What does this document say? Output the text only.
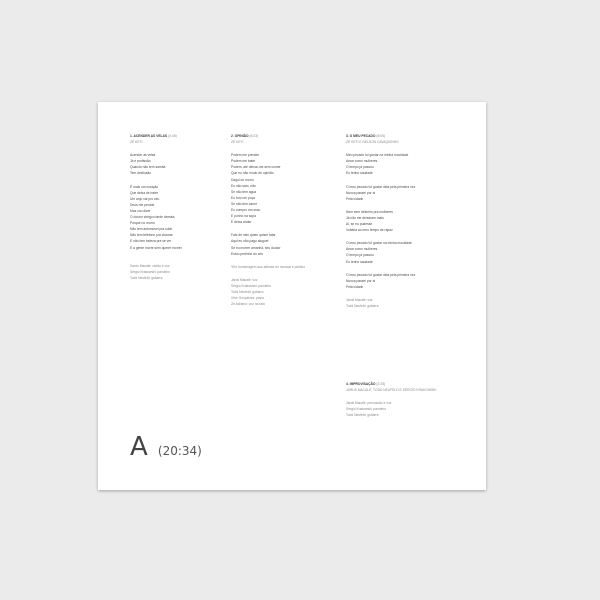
1. ACENDER AS VELAS (3:48)
ZÉ KETI
Acender as velas
Já é profissão
Quando não tem samba
Tem desilusão
É mais um coração
Que deixa de bater
Um anjo vai pro céu
Deus me perdoe
Mas vou dizer
O doutor chegou tarde demais
Porque no morro
Não tem automóvel pra subir
Não tem telefone pra chamar
E não tem beleza pra se ver
E a gente morre sem querer morrer
Sardo Macalé: violão e voz
Sérgio Krakowski: pandeiro
Todd Neufeld: guitarra
2. OPINIÃO (6:23)
ZÉ KETI
Podem me prender
Podem me bater
Podem, até deixar-me sem comer
Que eu não mudo de opinião
Daqui do morro
Eu não saio, não
Se não tem água
Eu furo um poço
Se não tem carne
Eu compro um osso
E ponho na sopa
E deixa andar
Fale de mim quem quiser falar
Aqui eu não pago aluguel
Se eu morrer amanhã, seu doutor
Estou pertinho do céu
*Em homenagem aos artistas do musical e político
Jards Macalé: voz
Sérgio Krakowski: pandeiro
Todd Neufeld: guitarra
Vitor Gonçalves: piano
Zé Adriano: voz na fala
3. O MEU PECADO (8:05)
ZÉ KETI E NELSON CAVAQUINHO
Meu pecado foi gostar na minha mocidade
Amar como mulheres
O tempo já passou
Eu tenho saudade
O meu pecado foi gostar dela pela primeira vez
Nunca passei por aí
Pela cidade
Nem sem dinheiro pra mulheres
Já não me deixaram mais
Ai, se eu pudesse
Voltaria ao meu tempo de rapaz
O meu pecado foi gostar na minha mocidade
Amar como mulheres
O tempo já passou
Eu tenho saudade
O meu pecado foi gostar dela pela primeira vez
Nunca passei por aí
Pela cidade
Jards Macalé: voz
Todd Neufeld: guitarra
4. IMPROVISAÇÃO (2:28)
JARDS MACALÉ, TODD NEUFELD E SÉRGIO KRAKOWSKI
Jards Macalé: percussão e voz
Sérgio Krakowski: pandeiro
Todd Neufeld: guitarra
A (20:34)
